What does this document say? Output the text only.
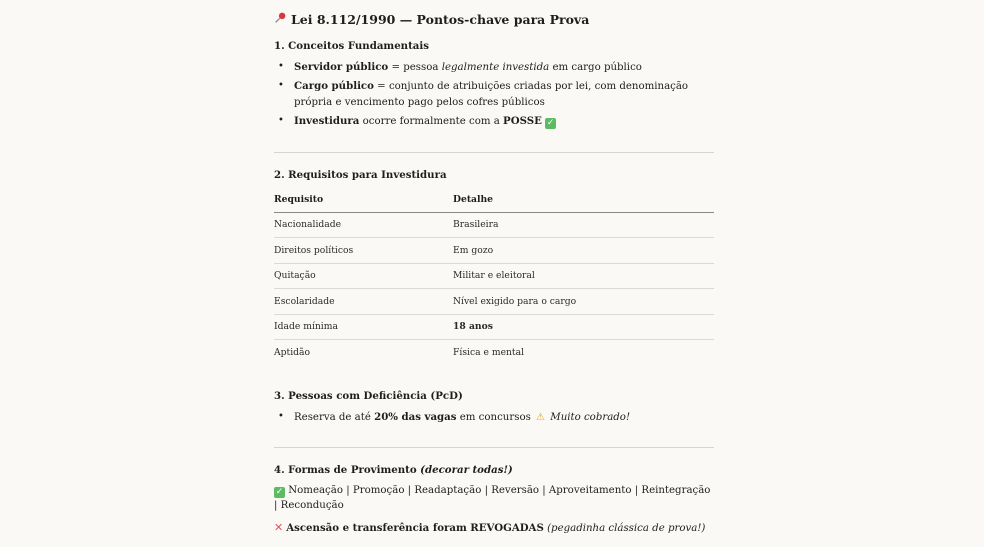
Lei 8.112/1990 — Pontos-chave para Prova
1. Conceitos Fundamentais
• Servidor público = pessoa legalmente investida em cargo público
• Cargo público = conjunto de atribuições criadas por lei, com denominação própria e vencimento pago pelos cofres públicos
• Investidura ocorre formalmente com a POSSE ✓
2. Requisitos para Investidura
Requisito	Detalhe
Nacionalidade	Brasileira
Direitos políticos	Em gozo
Quitação	Militar e eleitoral
Escolaridade	Nível exigido para o cargo
Idade mínima	18 anos
Aptidão	Física e mental
3. Pessoas com Deficiência (PcD)
• Reserva de até 20% das vagas em concursos ⚠ Muito cobrado!
4. Formas de Provimento (decorar todas!)
✓ Nomeação | Promoção | Readaptação | Reversão | Aproveitamento | Reintegração | Recondução
✕ Ascensão e transferência foram REVOGADAS (pegadinha clássica de prova!)
